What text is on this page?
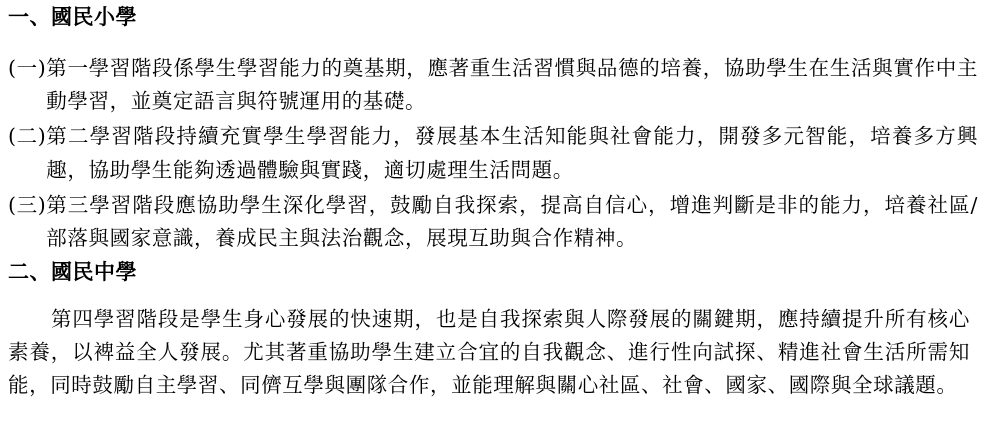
一、國民小學
(一) 第一學習階段係學生學習能力的奠基期，應著重生活習慣與品德的培養，協助學生在生活與實作中主動學習，並奠定語言與符號運用的基礎。
(二) 第二學習階段持續充實學生學習能力，發展基本生活知能與社會能力，開發多元智能，培養多方興趣，協助學生能夠透過體驗與實踐，適切處理生活問題。
(三) 第三學習階段應協助學生深化學習，鼓勵自我探索，提高自信心，增進判斷是非的能力，培養社區/部落與國家意識，養成民主與法治觀念，展現互助與合作精神。
二、國民中學

第四學習階段是學生身心發展的快速期，也是自我探索與人際發展的關鍵期，應持續提升所有核心素養，以裨益全人發展。尤其著重協助學生建立合宜的自我觀念、進行性向試探、精進社會生活所需知能，同時鼓勵自主學習、同儕互學與團隊合作，並能理解與關心社區、社會、國家、國際與全球議題。
